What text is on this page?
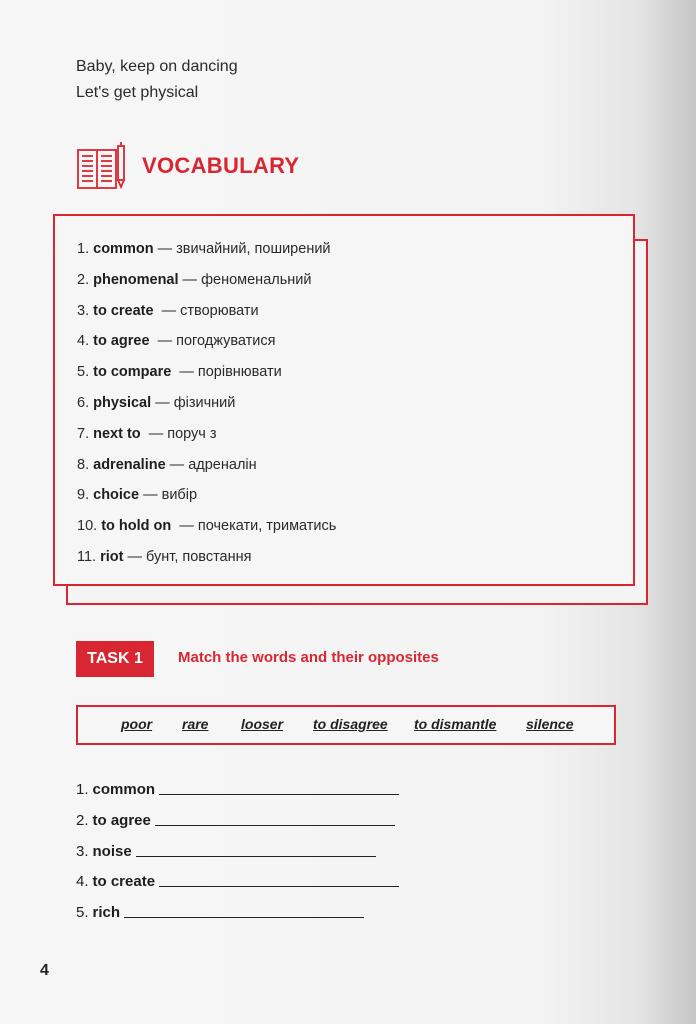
Baby, keep on dancing
Let's get physical
VOCABULARY
1. common — звичайний, поширений
2. phenomenal — феноменальний
3. to create  — створювати
4. to agree  — погоджуватися
5. to compare  — порівнювати
6. physical — фізичний
7. next to  — поруч з
8. adrenaline — адреналін
9. choice — вибір
10. to hold on  — почекати, триматись
11. riot — бунт, повстання
TASK 1	Match the words and their opposites
poor rare looser to disagree to dismantle silence
1. common
2. to agree
3. noise
4. to create
5. rich
4
